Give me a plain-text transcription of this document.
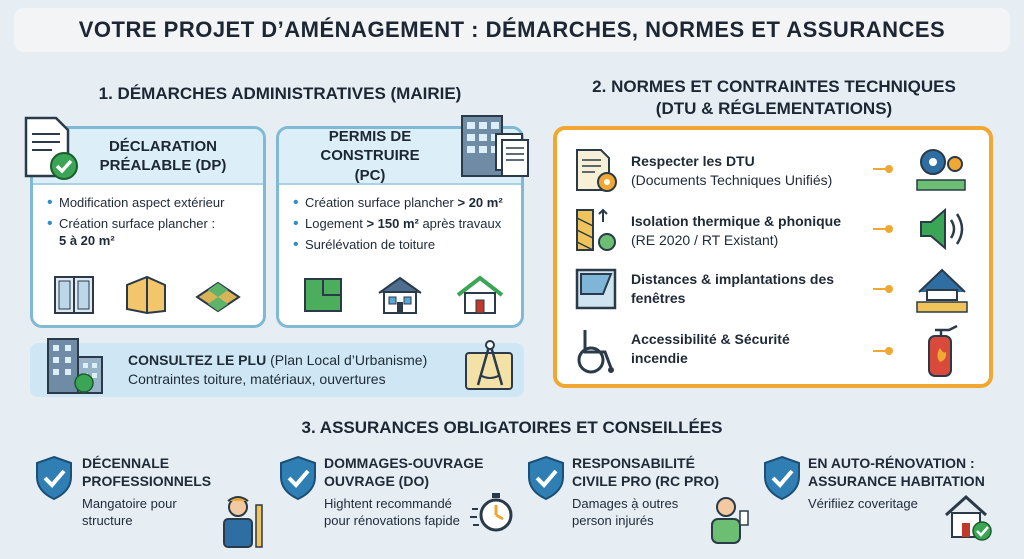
VOTRE PROJET D’AMÉNAGEMENT : DÉMARCHES, NORMES ET ASSURANCES
1. DÉMARCHES ADMINISTRATIVES (MAIRIE)
DÉCLARATION PRÉALABLE (DP)
• Modification aspect extérieur
• Création surface plancher :
5 à 20 m²
PERMIS DE CONSTRUIRE (PC)
• Création surface plancher > 20 m²
• Logement > 150 m² après travaux
• Surélévation de toiture
CONSULTEZ LE PLU (Plan Local d’Urbanisme)
Contraintes toiture, matériaux, ouvertures
2. NORMES ET CONTRAINTES TECHNIQUES
(DTU & RÉGLEMENTATIONS)
Respecter les DTU
(Documents Techniques Unifiés)
Isolation thermique & phonique
(RE 2020 / RT Existant)
Distances & implantations des fenêtres
Accessibilité & Sécurité incendie
3. ASSURANCES OBLIGATOIRES ET CONSEILLÉES
DÉCENNALE
PROFESSIONNELS
Mangatoire pour
structure
DOMMAGES-OUVRAGE
OUVRAGE (DO)
Hightent recommandé
pour rénovations fapide
RESPONSABILITÉ
CIVILE PRO (RC PRO)
Damages ạ̀ outres
person injurés
EN AUTO-RÉNOVATION :
ASSURANCE HABITATION
Vérifiiez coveritage
